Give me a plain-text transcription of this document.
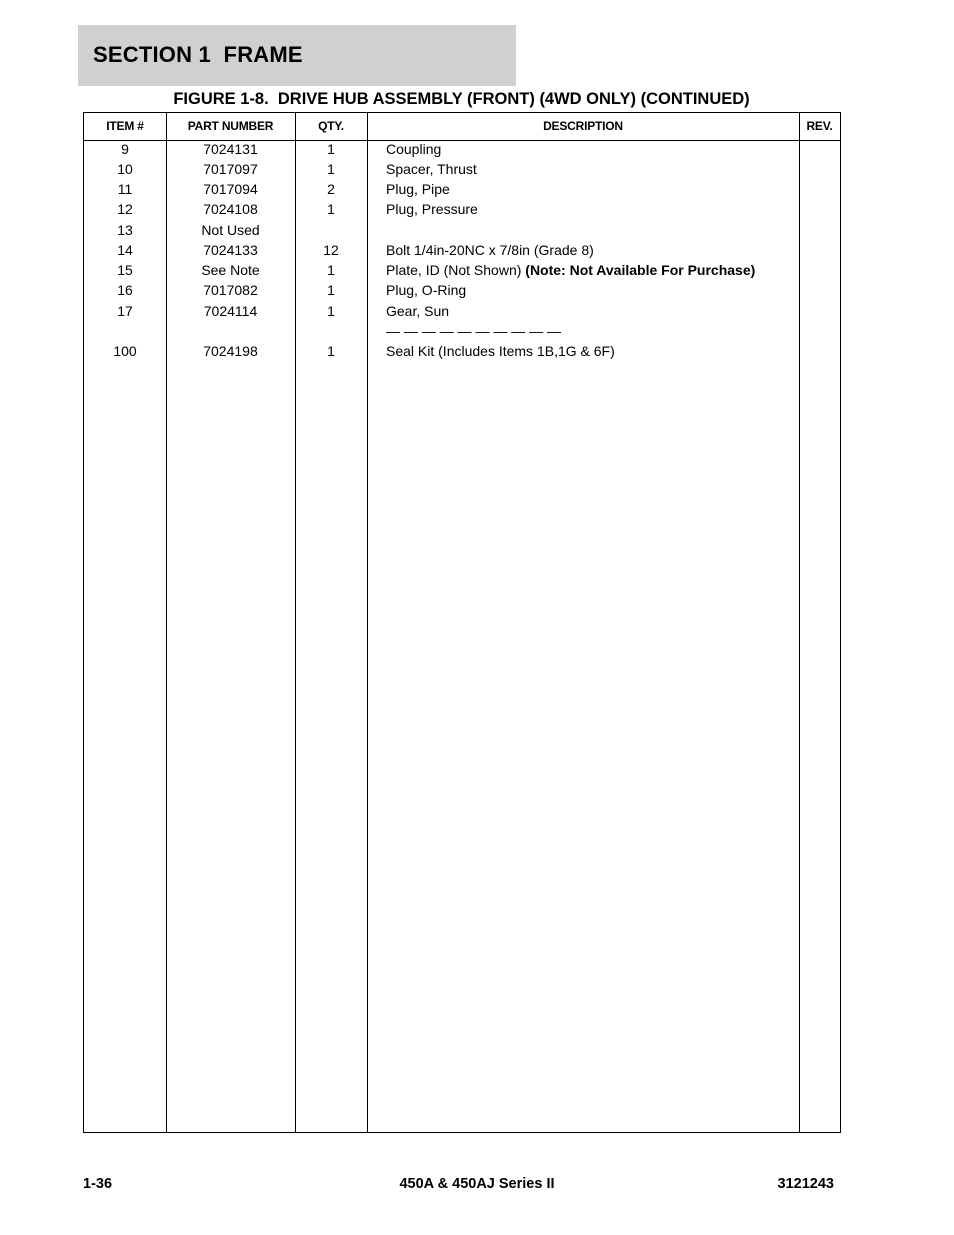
SECTION 1  FRAME
FIGURE 1-8.  DRIVE HUB ASSEMBLY (FRONT) (4WD ONLY) (CONTINUED)
ITEM #	PART NUMBER	QTY.	DESCRIPTION	REV.
9	7024131	1	Coupling
10	7017097	1	Spacer, Thrust
11	7017094	2	Plug, Pipe
12	7024108	1	Plug, Pressure
13	Not Used
14	7024133	12	Bolt 1/4in-20NC x 7/8in (Grade 8)
15	See Note	1	Plate, ID (Not Shown) (Note: Not Available For Purchase)
16	7017082	1	Plug, O-Ring
17	7024114	1	Gear, Sun
— — — — — — — — — —
100	7024198	1	Seal Kit (Includes Items 1B,1G & 6F)
1-36	450A & 450AJ Series II	3121243
